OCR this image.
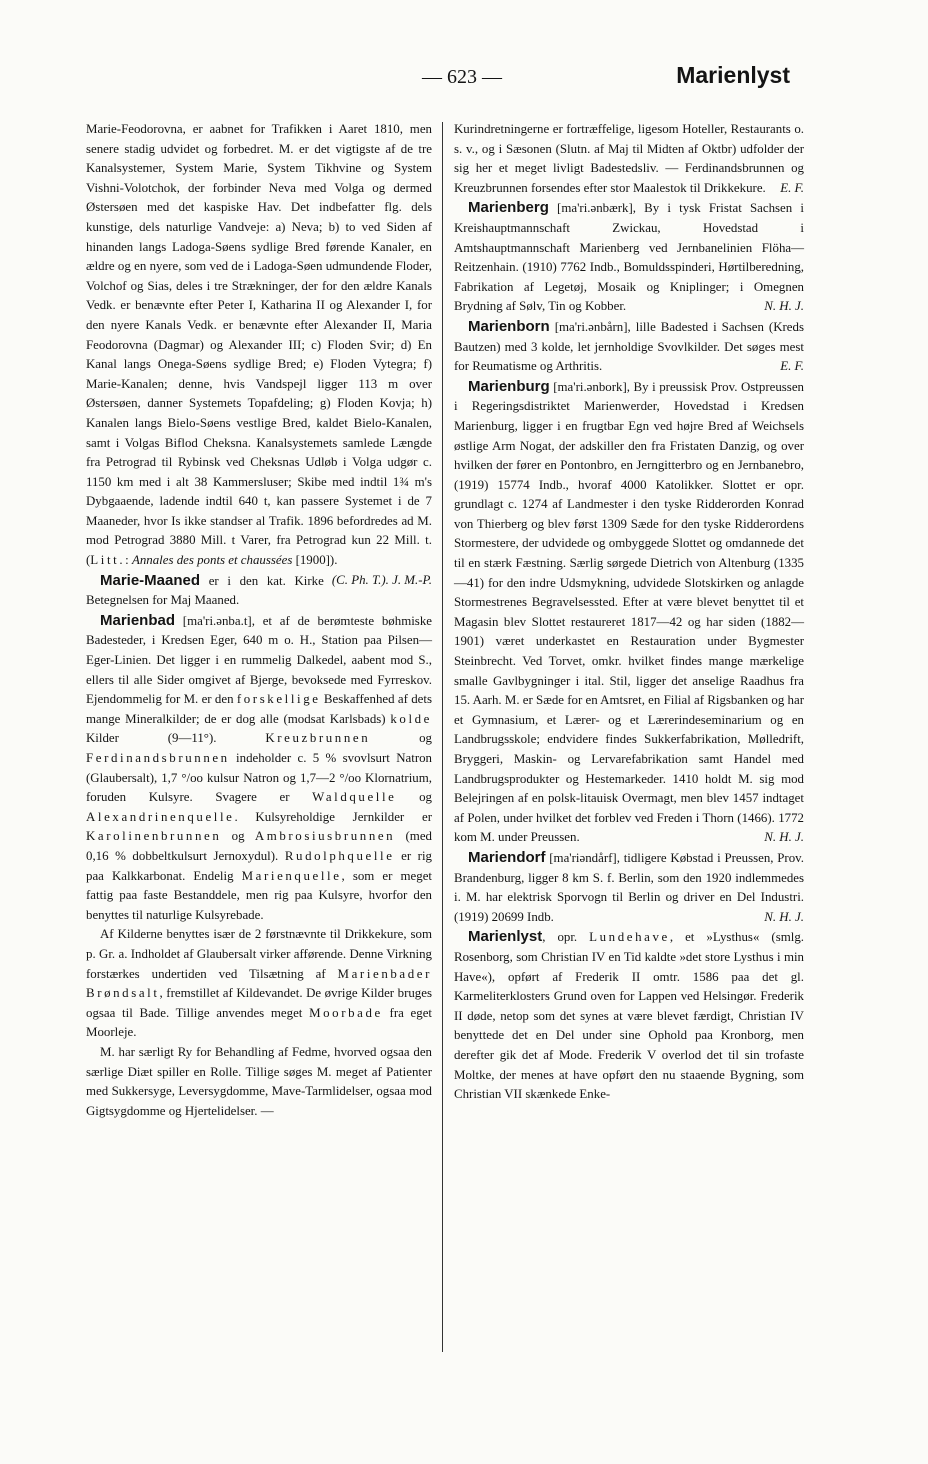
— 623 —	Marienlyst

Marie-Feodorovna, er aabnet for Trafikken i Aaret 1810, men senere stadig udvidet og forbedret. M. er det vigtigste af de tre Kanalsystemer, System Marie, System Tikhvine og System Vishni-Volotchok, der forbinder Neva med Volga og dermed Østersøen med det kaspiske Hav. Det indbefatter flg. dels kunstige, dels naturlige Vandveje: a) Neva; b) to ved Siden af hinanden langs Ladoga-Søens sydlige Bred førende Kanaler, en ældre og en nyere, som ved de i Ladoga-Søen udmundende Floder, Volchof og Sias, deles i tre Strækninger, der for den ældre Kanals Vedk. er benævnte efter Peter I, Katharina II og Alexander I, for den nyere Kanals Vedk. er benævnte efter Alexander II, Maria Feodorovna (Dagmar) og Alexander III; c) Floden Svir; d) En Kanal langs Onega-Søens sydlige Bred; e) Floden Vytegra; f) Marie-Kanalen; denne, hvis Vandspejl ligger 113 m over Østersøen, danner Systemets Topafdeling; g) Floden Kovja; h) Kanalen langs Bielo-Søens vestlige Bred, kaldet Bielo-Kanalen, samt i Volgas Biflod Cheksna. Kanalsystemets samlede Længde fra Petrograd til Rybinsk ved Cheksnas Udløb i Volga udgør c. 1150 km med i alt 38 Kammersluser; Skibe med indtil 1¾ m's Dybgaaende, ladende indtil 640 t, kan passere Systemet i de 7 Maaneder, hvor Is ikke standser al Trafik. 1896 befordredes ad M. mod Petrograd 3880 Mill. t Varer, fra Petrograd kun 22 Mill. t. (Litt.: Annales des ponts et chaussées [1900]).
(C. Ph. T.). J. M.-P.

Marie-Maaned er i den kat. Kirke Betegnelsen for Maj Maaned.

Marienbad [ma'ri.ənba.t], et af de berømteste bøhmiske Badesteder, i Kredsen Eger, 640 m o. H., Station paa Pilsen—Eger-Linien. Det ligger i en rummelig Dalkedel, aabent mod S., ellers til alle Sider omgivet af Bjerge, bevoksede med Fyrreskov. Ejendommelig for M. er den forskellige Beskaffenhed af dets mange Mineralkilder; de er dog alle (modsat Karlsbads) kolde Kilder (9—11°). Kreuzbrunnen og Ferdinandsbrunnen indeholder c. 5 % svovlsurt Natron (Glaubersalt), 1,7 °/oo kulsur Natron og 1,7—2 °/oo Klornatrium, foruden Kulsyre. Svagere er Waldquelle og Alexandrinenquelle. Kulsyreholdige Jernkilder er Karolinenbrunnen og Ambrosiusbrunnen (med 0,16 % dobbeltkulsurt Jernoxydul). Rudolphquelle er rig paa Kalkkarbonat. Endelig Marienquelle, som er meget fattig paa faste Bestanddele, men rig paa Kulsyre, hvorfor den benyttes til naturlige Kulsyrebade.

Af Kilderne benyttes især de 2 førstnævnte til Drikkekure, som p. Gr. a. Indholdet af Glaubersalt virker afførende. Denne Virkning forstærkes undertiden ved Tilsætning af Marienbader Brøndsalt, fremstillet af Kildevandet. De øvrige Kilder bruges ogsaa til Bade. Tillige anvendes meget Moorbade fra eget Moorleje.

M. har særligt Ry for Behandling af Fedme, hvorved ogsaa den særlige Diæt spiller en Rolle. Tillige søges M. meget af Patienter med Sukkersyge, Leversygdomme, Mave-Tarmlidelser, ogsaa mod Gigtsygdomme og Hjertelidelser. —

Kurindretningerne er fortræffelige, ligesom Hoteller, Restaurants o. s. v., og i Sæsonen (Slutn. af Maj til Midten af Oktbr) udfolder der sig her et meget livligt Badestedsliv. — Ferdinandsbrunnen og Kreuzbrunnen forsendes efter stor Maalestok til Drikkekure.	E. F.

Marienberg [ma'ri.ənbærk], By i tysk Fristat Sachsen i Kreishauptmannschaft Zwickau, Hovedstad i Amtshauptmannschaft Marienberg ved Jernbanelinien Flöha—Reitzenhain. (1910) 7762 Indb., Bomuldsspinderi, Hørtilberedning, Fabrikation af Legetøj, Mosaik og Kniplinger; i Omegnen Brydning af Sølv, Tin og Kobber.	N. H. J.

Marienborn [ma'ri.ənbårn], lille Badested i Sachsen (Kreds Bautzen) med 3 kolde, let jernholdige Svovlkilder. Det søges mest for Reumatisme og Arthritis.	E. F.

Marienburg [ma'ri.ənbork], By i preussisk Prov. Ostpreussen i Regeringsdistriktet Marienwerder, Hovedstad i Kredsen Marienburg, ligger i en frugtbar Egn ved højre Bred af Weichsels østlige Arm Nogat, der adskiller den fra Fristaten Danzig, og over hvilken der fører en Pontonbro, en Jerngitterbro og en Jernbanebro, (1919) 15774 Indb., hvoraf 4000 Katolikker. Slottet er opr. grundlagt c. 1274 af Landmester i den tyske Ridderorden Konrad von Thierberg og blev først 1309 Sæde for den tyske Ridderordens Stormestere, der udvidede og ombyggede Slottet og omdannede det til en stærk Fæstning. Særlig sørgede Dietrich von Altenburg (1335—41) for den indre Udsmykning, udvidede Slotskirken og anlagde Stormestrenes Begravelsessted. Efter at være blevet benyttet til et Magasin blev Slottet restaureret 1817—42 og har siden (1882—1901) været underkastet en Restauration under Bygmester Steinbrecht. Ved Torvet, omkr. hvilket findes mange mærkelige smalle Gavlbygninger i ital. Stil, ligger det anselige Raadhus fra 15. Aarh. M. er Sæde for en Amtsret, en Filial af Rigsbanken og har et Gymnasium, et Lærer- og et Lærerindeseminarium og en Landbrugsskole; endvidere findes Sukkerfabrikation, Mølledrift, Bryggeri, Maskin- og Lervarefabrikation samt Handel med Landbrugsprodukter og Hestemarkeder. 1410 holdt M. sig mod Belejringen af en polsk-litauisk Overmagt, men blev 1457 indtaget af Polen, under hvilket det forblev ved Freden i Thorn (1466). 1772 kom M. under Preussen.	N. H. J.

Mariendorf [ma'riəndårf], tidligere Købstad i Preussen, Prov. Brandenburg, ligger 8 km S. f. Berlin, som den 1920 indlemmedes i. M. har elektrisk Sporvogn til Berlin og driver en Del Industri. (1919) 20699 Indb.	N. H. J.

Marienlyst, opr. Lundehave, et »Lysthus« (smlg. Rosenborg, som Christian IV en Tid kaldte »det store Lysthus i min Have«), opført af Frederik II omtr. 1586 paa det gl. Karmeliterklosters Grund oven for Lappen ved Helsingør. Frederik II døde, netop som det synes at være blevet færdigt, Christian IV benyttede det en Del under sine Ophold paa Kronborg, men derefter gik det af Mode. Frederik V overlod det til sin trofaste Moltke, der menes at have opført den nu staaende Bygning, som Christian VII skænkede Enke-
